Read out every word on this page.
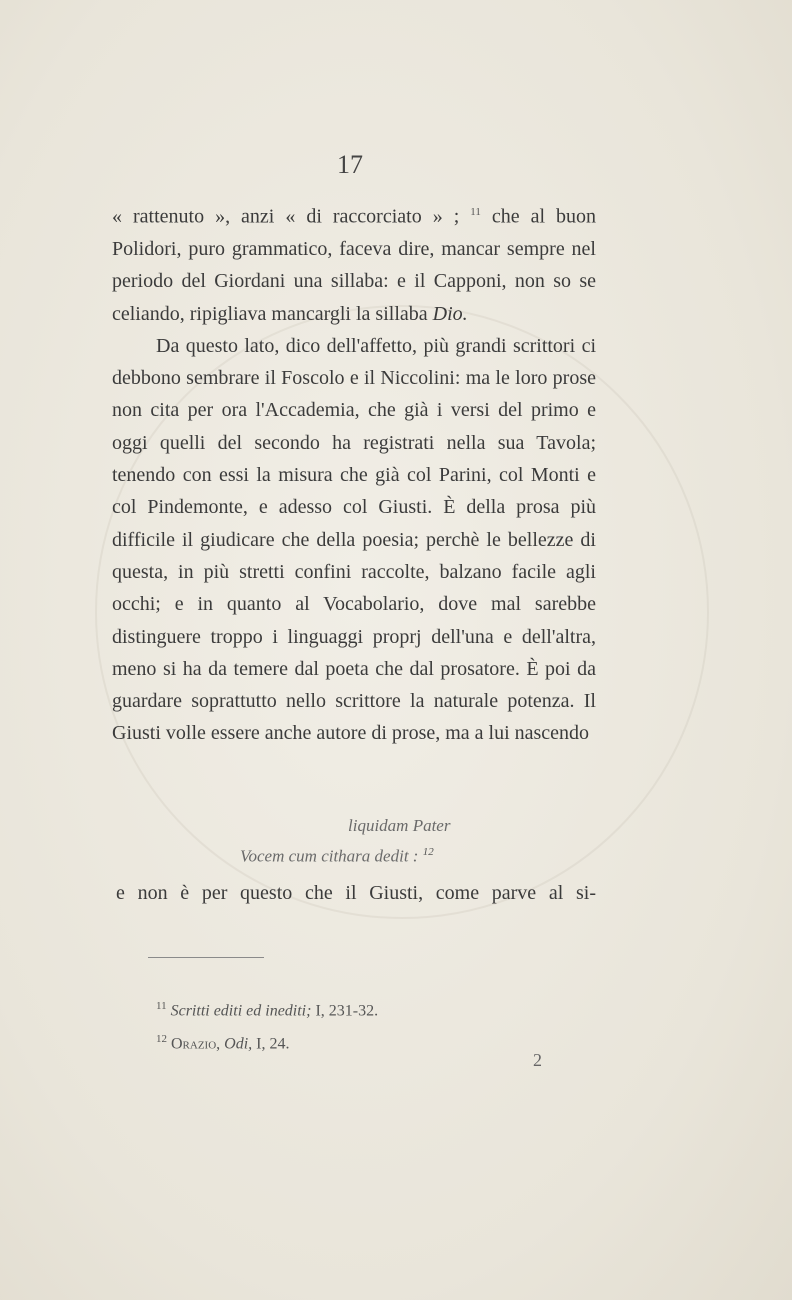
17

« rattenuto », anzi « di raccorciato » ; $^{11}$ che al buon Polidori, puro grammatico, faceva dire, mancar sempre nel periodo del Giordani una sillaba: e il Capponi, non so se celiando, ripigliava mancargli la sillaba Dio.

Da questo lato, dico dell'affetto, più grandi scrittori ci debbono sembrare il Foscolo e il Niccolini: ma le loro prose non cita per ora l'Accademia, che già i versi del primo e oggi quelli del secondo ha registrati nella sua Tavola; tenendo con essi la misura che già col Parini, col Monti e col Pindemonte, e adesso col Giusti. È della prosa più difficile il giudicare che della poesia; perchè le bellezze di questa, in più stretti confini raccolte, balzano facile agli occhi; e in quanto al Vocabolario, dove mal sarebbe distinguere troppo i linguaggi proprj dell'una e dell'altra, meno si ha da temere dal poeta che dal prosatore. È poi da guardare soprattutto nello scrittore la naturale potenza. Il Giusti volle essere anche autore di prose, ma a lui nascendo

liquidam Pater
Vocem cum cithara dedit : $^{12}$
e non è per questo che il Giusti, come parve al si-
$^{11}$ Scritti editi ed inediti; I, 231-32.
$^{12}$ Orazio, Odi, I, 24.
2
